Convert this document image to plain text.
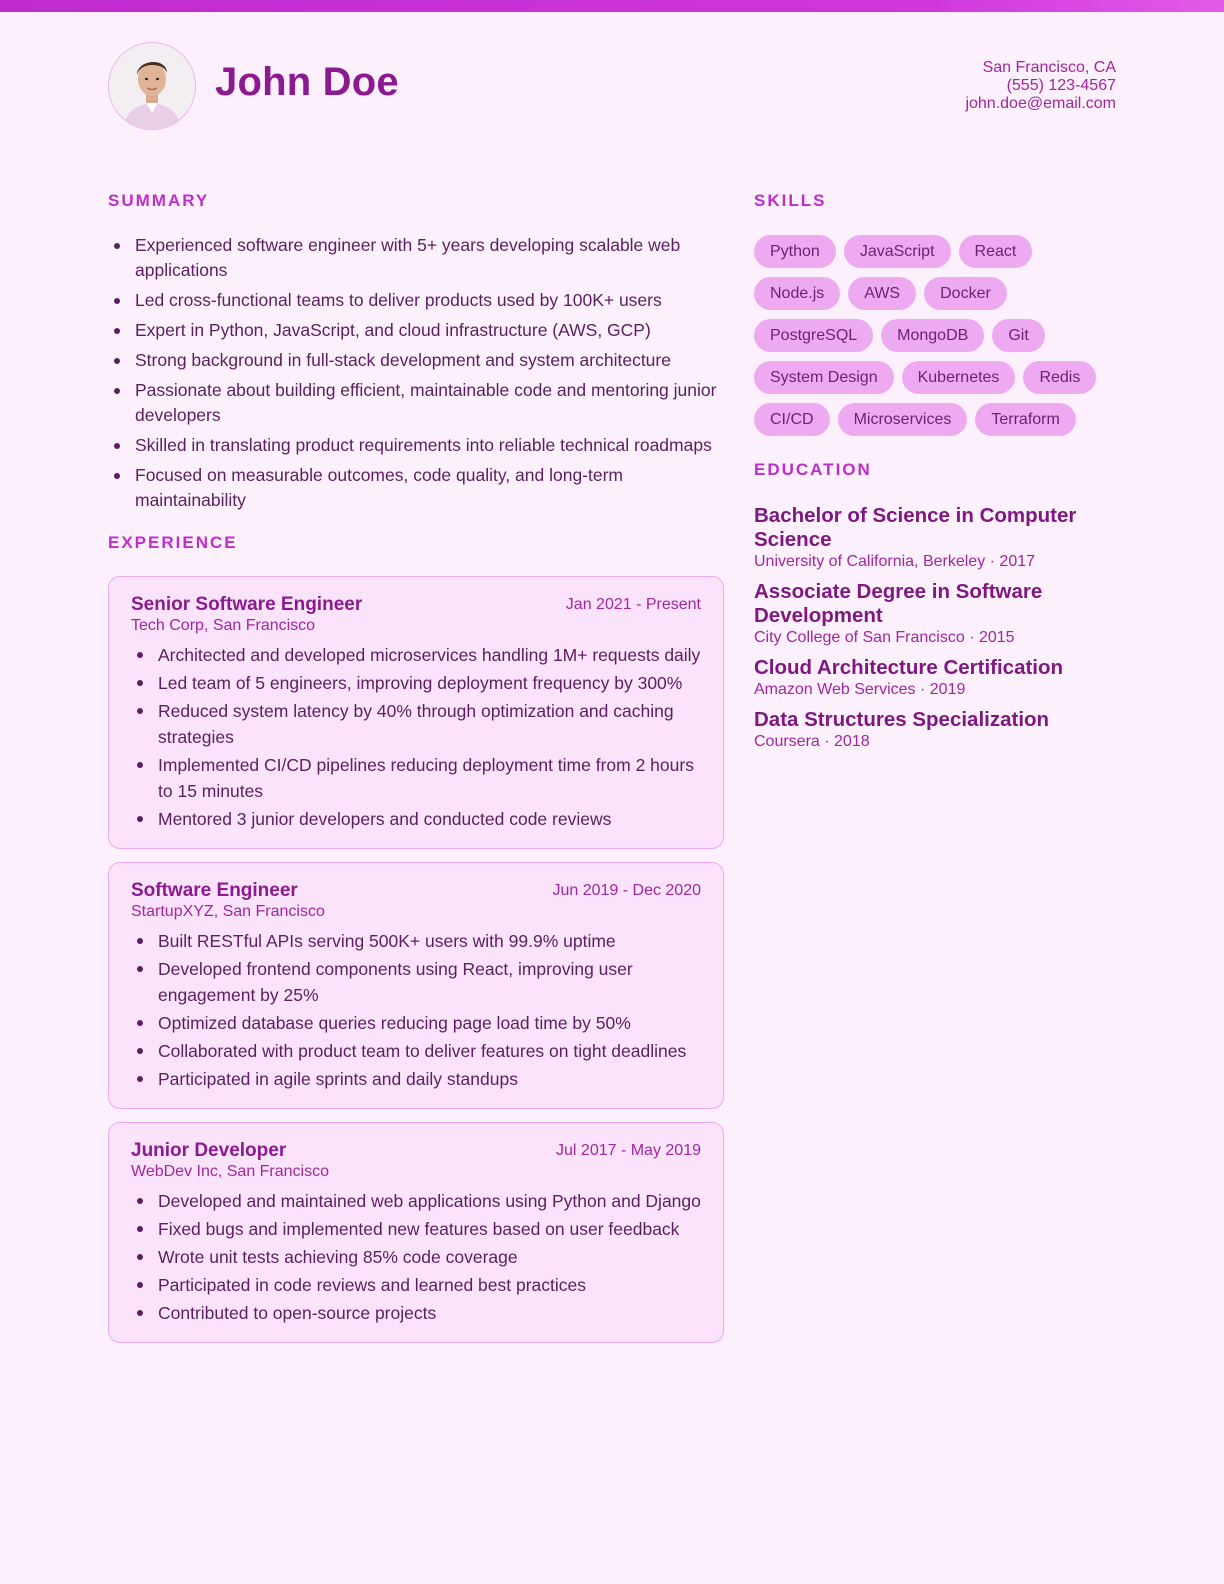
John Doe	San Francisco, CA
(555) 123-4567
john.doe@email.com
SUMMARY
Experienced software engineer with 5+ years developing scalable web applications
Led cross-functional teams to deliver products used by 100K+ users
Expert in Python, JavaScript, and cloud infrastructure (AWS, GCP)
Strong background in full-stack development and system architecture
Passionate about building efficient, maintainable code and mentoring junior developers
Skilled in translating product requirements into reliable technical roadmaps
Focused on measurable outcomes, code quality, and long-term maintainability
EXPERIENCE
Senior Software Engineer	Jan 2021 - Present
Tech Corp, San Francisco
Architected and developed microservices handling 1M+ requests daily
Led team of 5 engineers, improving deployment frequency by 300%
Reduced system latency by 40% through optimization and caching strategies
Implemented CI/CD pipelines reducing deployment time from 2 hours to 15 minutes
Mentored 3 junior developers and conducted code reviews
Software Engineer	Jun 2019 - Dec 2020
StartupXYZ, San Francisco
Built RESTful APIs serving 500K+ users with 99.9% uptime
Developed frontend components using React, improving user engagement by 25%
Optimized database queries reducing page load time by 50%
Collaborated with product team to deliver features on tight deadlines
Participated in agile sprints and daily standups
Junior Developer	Jul 2017 - May 2019
WebDev Inc, San Francisco
Developed and maintained web applications using Python and Django
Fixed bugs and implemented new features based on user feedback
Wrote unit tests achieving 85% code coverage
Participated in code reviews and learned best practices
Contributed to open-source projects
SKILLS
Python	JavaScript	React
Node.js	AWS	Docker
PostgreSQL	MongoDB	Git
System Design	Kubernetes	Redis
CI/CD	Microservices	Terraform
EDUCATION
Bachelor of Science in Computer Science
University of California, Berkeley · 2017
Associate Degree in Software Development
City College of San Francisco · 2015
Cloud Architecture Certification
Amazon Web Services · 2019
Data Structures Specialization
Coursera · 2018
